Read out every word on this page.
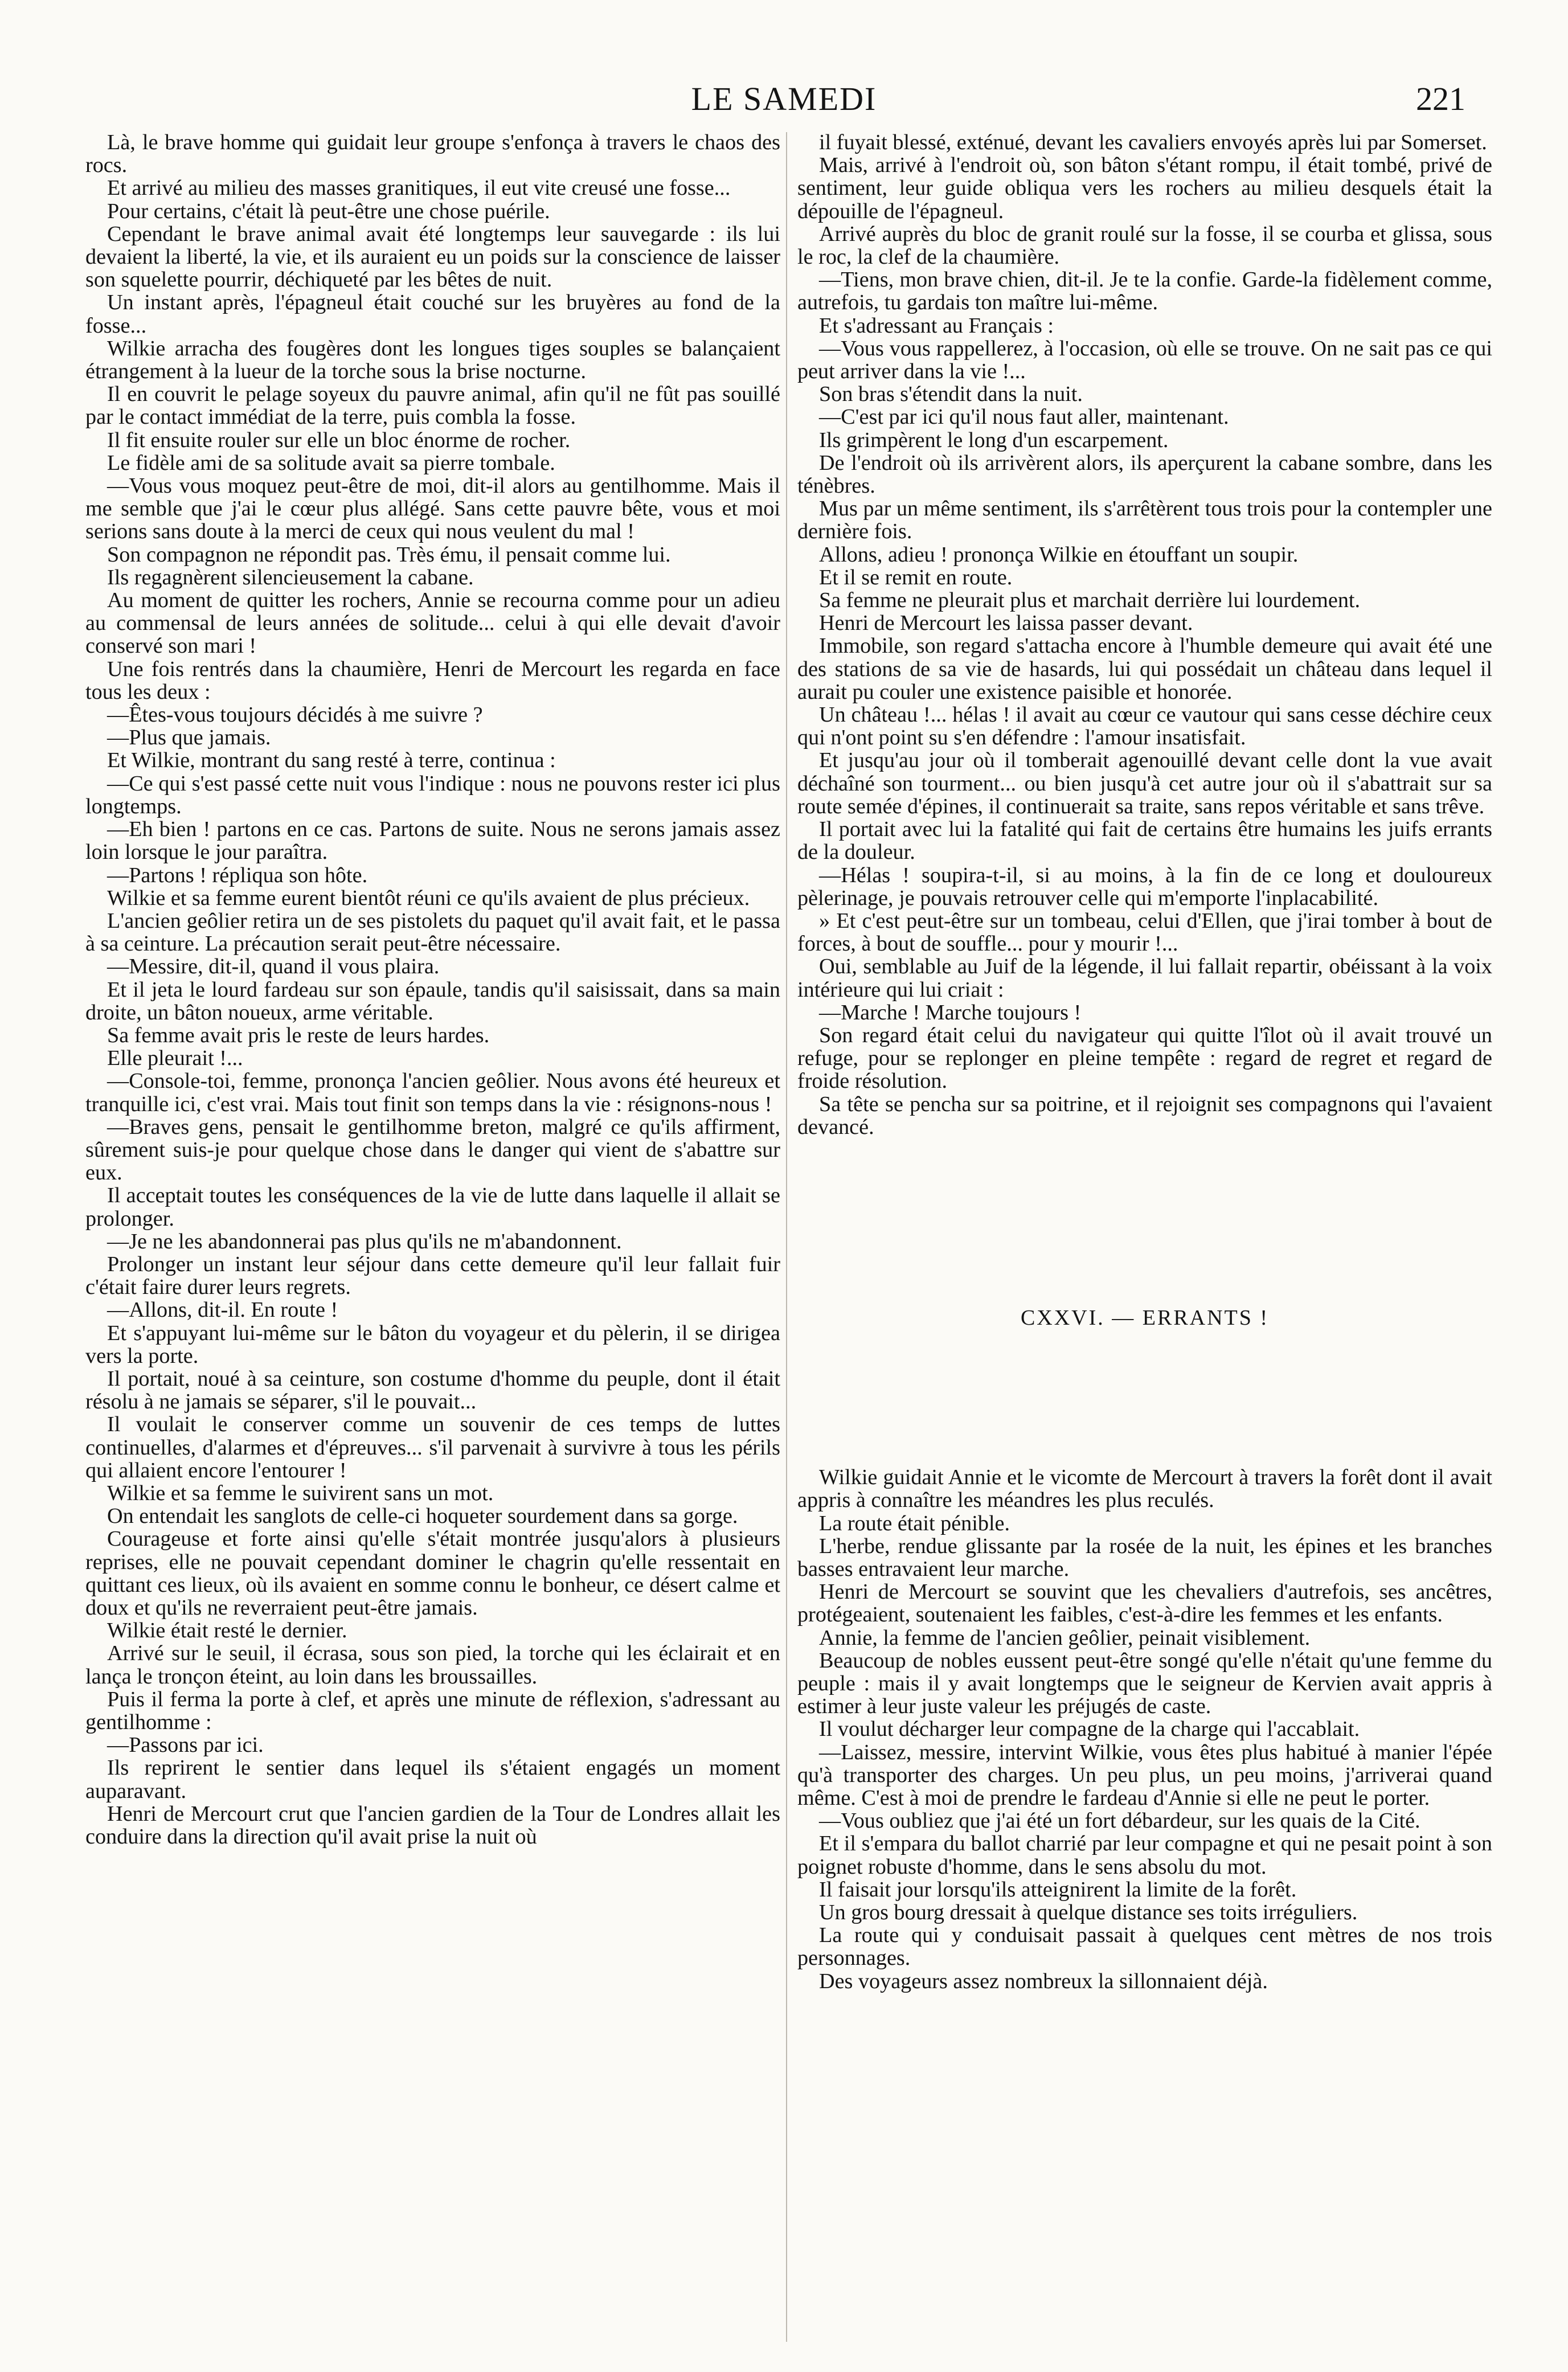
LE SAMEDI	221

Là, le brave homme qui guidait leur groupe s'enfonça à travers le chaos des rocs.

Et arrivé au milieu des masses granitiques, il eut vite creusé une fosse...

Pour certains, c'était là peut-être une chose puérile.

Cependant le brave animal avait été longtemps leur sauvegarde : ils lui devaient la liberté, la vie, et ils auraient eu un poids sur la conscience de laisser son squelette pourrir, déchiqueté par les bêtes de nuit.

Un instant après, l'épagneul était couché sur les bruyères au fond de la fosse...

Wilkie arracha des fougères dont les longues tiges souples se balançaient étrangement à la lueur de la torche sous la brise nocturne.

Il en couvrit le pelage soyeux du pauvre animal, afin qu'il ne fût pas souillé par le contact immédiat de la terre, puis combla la fosse.

Il fit ensuite rouler sur elle un bloc énorme de rocher.

Le fidèle ami de sa solitude avait sa pierre tombale.

—Vous vous moquez peut-être de moi, dit-il alors au gentilhomme. Mais il me semble que j'ai le cœur plus allégé. Sans cette pauvre bête, vous et moi serions sans doute à la merci de ceux qui nous veulent du mal !

Son compagnon ne répondit pas. Très ému, il pensait comme lui.

Ils regagnèrent silencieusement la cabane.

Au moment de quitter les rochers, Annie se recourna comme pour un adieu au commensal de leurs années de solitude... celui à qui elle devait d'avoir conservé son mari !

Une fois rentrés dans la chaumière, Henri de Mercourt les regarda en face tous les deux :

—Êtes-vous toujours décidés à me suivre ?

—Plus que jamais.

Et Wilkie, montrant du sang resté à terre, continua :

—Ce qui s'est passé cette nuit vous l'indique : nous ne pouvons rester ici plus longtemps.

—Eh bien ! partons en ce cas. Partons de suite. Nous ne serons jamais assez loin lorsque le jour paraîtra.

—Partons ! répliqua son hôte.

Wilkie et sa femme eurent bientôt réuni ce qu'ils avaient de plus précieux.

L'ancien geôlier retira un de ses pistolets du paquet qu'il avait fait, et le passa à sa ceinture. La précaution serait peut-être nécessaire.

—Messire, dit-il, quand il vous plaira.

Et il jeta le lourd fardeau sur son épaule, tandis qu'il saisissait, dans sa main droite, un bâton noueux, arme véritable.

Sa femme avait pris le reste de leurs hardes.

Elle pleurait !...

—Console-toi, femme, prononça l'ancien geôlier. Nous avons été heureux et tranquille ici, c'est vrai. Mais tout finit son temps dans la vie : résignons-nous !

—Braves gens, pensait le gentilhomme breton, malgré ce qu'ils affirment, sûrement suis-je pour quelque chose dans le danger qui vient de s'abattre sur eux.

Il acceptait toutes les conséquences de la vie de lutte dans laquelle il allait se prolonger.

—Je ne les abandonnerai pas plus qu'ils ne m'abandonnent.

Prolonger un instant leur séjour dans cette demeure qu'il leur fallait fuir c'était faire durer leurs regrets.

—Allons, dit-il. En route !

Et s'appuyant lui-même sur le bâton du voyageur et du pèlerin, il se dirigea vers la porte.

Il portait, noué à sa ceinture, son costume d'homme du peuple, dont il était résolu à ne jamais se séparer, s'il le pouvait...

Il voulait le conserver comme un souvenir de ces temps de luttes continuelles, d'alarmes et d'épreuves... s'il parvenait à survivre à tous les périls qui allaient encore l'entourer !

Wilkie et sa femme le suivirent sans un mot.

On entendait les sanglots de celle-ci hoqueter sourdement dans sa gorge.

Courageuse et forte ainsi qu'elle s'était montrée jusqu'alors à plusieurs reprises, elle ne pouvait cependant dominer le chagrin qu'elle ressentait en quittant ces lieux, où ils avaient en somme connu le bonheur, ce désert calme et doux et qu'ils ne reverraient peut-être jamais.

Wilkie était resté le dernier.

Arrivé sur le seuil, il écrasa, sous son pied, la torche qui les éclairait et en lança le tronçon éteint, au loin dans les broussailles.

Puis il ferma la porte à clef, et après une minute de réflexion, s'adressant au gentilhomme :

—Passons par ici.

Ils reprirent le sentier dans lequel ils s'étaient engagés un moment auparavant.

Henri de Mercourt crut que l'ancien gardien de la Tour de Londres allait les conduire dans la direction qu'il avait prise la nuit où

il fuyait blessé, exténué, devant les cavaliers envoyés après lui par Somerset.

Mais, arrivé à l'endroit où, son bâton s'étant rompu, il était tombé, privé de sentiment, leur guide obliqua vers les rochers au milieu desquels était la dépouille de l'épagneul.

Arrivé auprès du bloc de granit roulé sur la fosse, il se courba et glissa, sous le roc, la clef de la chaumière.

—Tiens, mon brave chien, dit-il. Je te la confie. Garde-la fidèlement comme, autrefois, tu gardais ton maître lui-même.

Et s'adressant au Français :

—Vous vous rappellerez, à l'occasion, où elle se trouve. On ne sait pas ce qui peut arriver dans la vie !...

Son bras s'étendit dans la nuit.

—C'est par ici qu'il nous faut aller, maintenant.

Ils grimpèrent le long d'un escarpement.

De l'endroit où ils arrivèrent alors, ils aperçurent la cabane sombre, dans les ténèbres.

Mus par un même sentiment, ils s'arrêtèrent tous trois pour la contempler une dernière fois.

Allons, adieu ! prononça Wilkie en étouffant un soupir.

Et il se remit en route.

Sa femme ne pleurait plus et marchait derrière lui lourdement.

Henri de Mercourt les laissa passer devant.

Immobile, son regard s'attacha encore à l'humble demeure qui avait été une des stations de sa vie de hasards, lui qui possédait un château dans lequel il aurait pu couler une existence paisible et honorée.

Un château !... hélas ! il avait au cœur ce vautour qui sans cesse déchire ceux qui n'ont point su s'en défendre : l'amour insatisfait.

Et jusqu'au jour où il tomberait agenouillé devant celle dont la vue avait déchaîné son tourment... ou bien jusqu'à cet autre jour où il s'abattrait sur sa route semée d'épines, il continuerait sa traite, sans repos véritable et sans trêve.

Il portait avec lui la fatalité qui fait de certains être humains les juifs errants de la douleur.

—Hélas ! soupira-t-il, si au moins, à la fin de ce long et douloureux pèlerinage, je pouvais retrouver celle qui m'emporte l'inplacabilité.

» Et c'est peut-être sur un tombeau, celui d'Ellen, que j'irai tomber à bout de forces, à bout de souffle... pour y mourir !...

Oui, semblable au Juif de la légende, il lui fallait repartir, obéissant à la voix intérieure qui lui criait :

—Marche ! Marche toujours !

Son regard était celui du navigateur qui quitte l'îlot où il avait trouvé un refuge, pour se replonger en pleine tempête : regard de regret et regard de froide résolution.

Sa tête se pencha sur sa poitrine, et il rejoignit ses compagnons qui l'avaient devancé.

CXXVI. — ERRANTS !

Wilkie guidait Annie et le vicomte de Mercourt à travers la forêt dont il avait appris à connaître les méandres les plus reculés.

La route était pénible.

L'herbe, rendue glissante par la rosée de la nuit, les épines et les branches basses entravaient leur marche.

Henri de Mercourt se souvint que les chevaliers d'autrefois, ses ancêtres, protégeaient, soutenaient les faibles, c'est-à-dire les femmes et les enfants.

Annie, la femme de l'ancien geôlier, peinait visiblement.

Beaucoup de nobles eussent peut-être songé qu'elle n'était qu'une femme du peuple : mais il y avait longtemps que le seigneur de Kervien avait appris à estimer à leur juste valeur les préjugés de caste.

Il voulut décharger leur compagne de la charge qui l'accablait.

—Laissez, messire, intervint Wilkie, vous êtes plus habitué à manier l'épée qu'à transporter des charges. Un peu plus, un peu moins, j'arriverai quand même. C'est à moi de prendre le fardeau d'Annie si elle ne peut le porter.

—Vous oubliez que j'ai été un fort débardeur, sur les quais de la Cité.

Et il s'empara du ballot charrié par leur compagne et qui ne pesait point à son poignet robuste d'homme, dans le sens absolu du mot.

Il faisait jour lorsqu'ils atteignirent la limite de la forêt.

Un gros bourg dressait à quelque distance ses toits irréguliers.

La route qui y conduisait passait à quelques cent mètres de nos trois personnages.

Des voyageurs assez nombreux la sillonnaient déjà.
